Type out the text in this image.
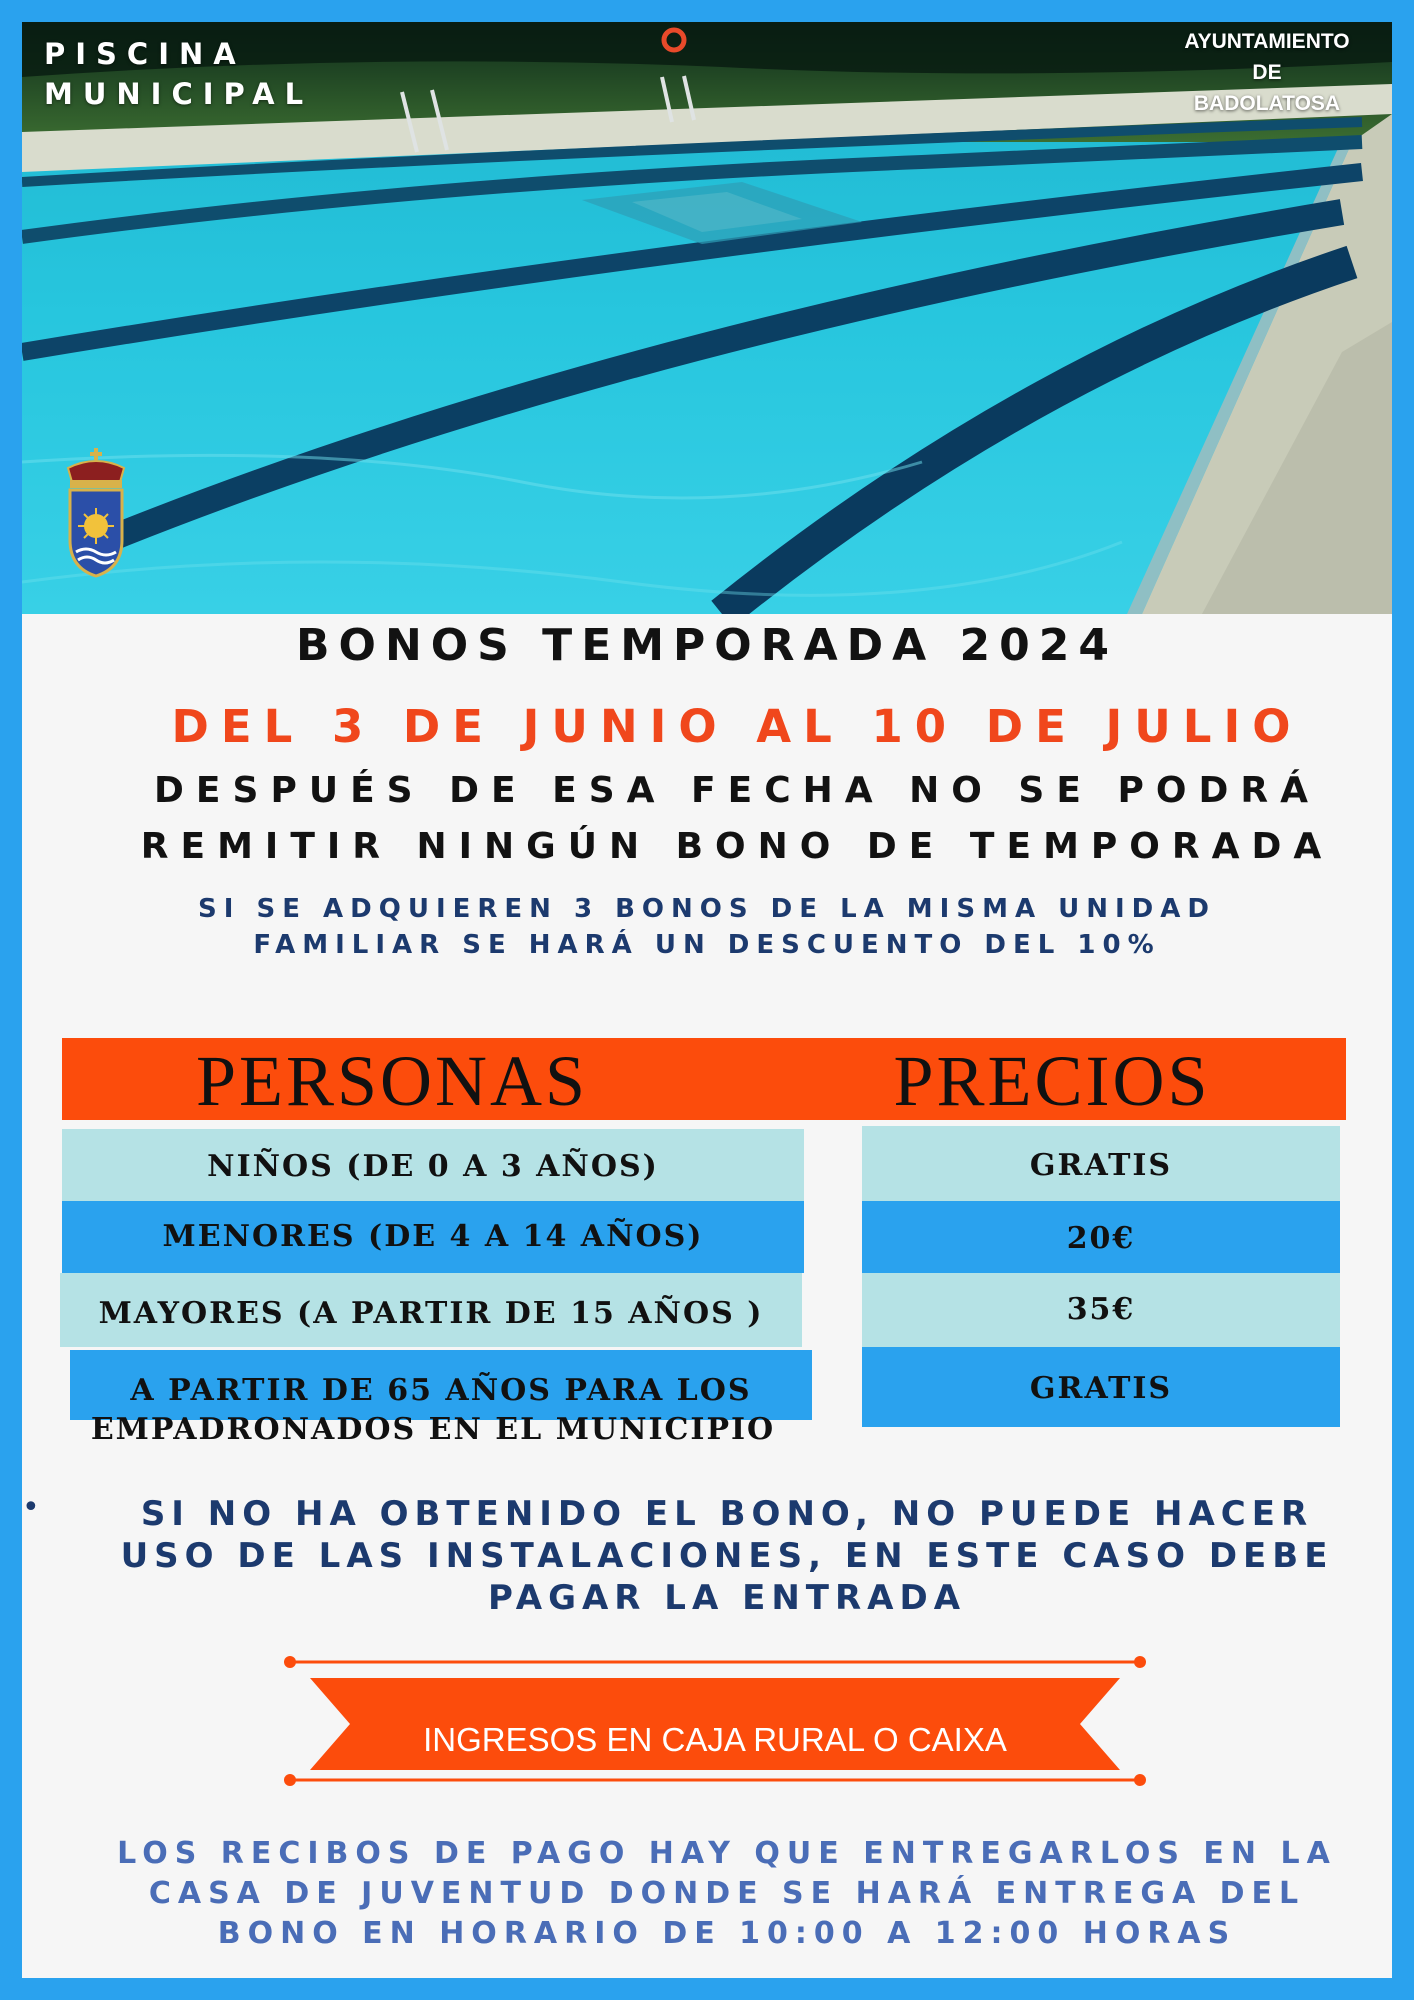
PISCINA
MUNICIPAL
AYUNTAMIENTO
DE
BADOLATOSA
BONOS TEMPORADA 2024
DEL 3 DE JUNIO AL 10 DE JULIO
DESPUÉS DE ESA FECHA NO SE PODRÁ
REMITIR NINGÚN BONO DE TEMPORADA
SI SE ADQUIEREN 3 BONOS DE LA MISMA UNIDAD
FAMILIAR SE HARÁ UN DESCUENTO DEL 10%
PERSONAS	PRECIOS
NIÑOS (DE 0 A 3 AÑOS)	GRATIS
MENORES (DE 4 A 14 AÑOS)	20€
MAYORES (A PARTIR DE 15 AÑOS )	35€
A PARTIR DE 65 AÑOS PARA LOS	GRATIS
EMPADRONADOS EN EL MUNICIPIO
•	SI NO HA OBTENIDO EL BONO, NO PUEDE HACER
USO DE LAS INSTALACIONES, EN ESTE CASO DEBE
PAGAR LA ENTRADA
INGRESOS EN CAJA RURAL O CAIXA
LOS RECIBOS DE PAGO HAY QUE ENTREGARLOS EN LA
CASA DE JUVENTUD DONDE SE HARÁ ENTREGA DEL
BONO EN HORARIO DE 10:00 A 12:00 HORAS
